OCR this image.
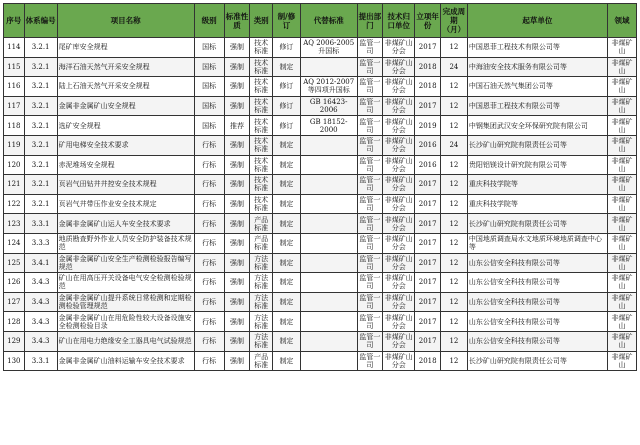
序号	体系编号	项目名称	级别	标准性质	类别	制/修订	代替标准	提出部门	技术归口单位	立项年份	完成周期（月）	起草单位	领域
114	3.2.1	尾矿库安全规程	国标	强制	技术标准	修订	AQ 2006-2005升国标	监管一司	非煤矿山分会	2017	12	中国恩菲工程技术有限公司等	非煤矿山
115	3.2.1	海洋石油天然气开采安全规程	国标	强制	技术标准	制定		监管一司	非煤矿山分会	2018	24	中海油安全技术服务有限公司等	非煤矿山
116	3.2.1	陆上石油天然气开采安全规程	国标	强制	技术标准	修订	AQ 2012-2007等四项升国标	监管一司	非煤矿山分会	2018	12	中国石油天然气集团公司等	非煤矿山
117	3.2.1	金属非金属矿山安全规程	国标	强制	技术标准	修订	GB 16423-2006	监管一司	非煤矿山分会	2017	12	中国恩菲工程技术有限公司等	非煤矿山
118	3.2.1	选矿安全规程	国标	推荐	技术标准	修订	GB 18152-2000	监管一司	非煤矿山分会	2019	12	中钢集团武汉安全环保研究院有限公司	非煤矿山
119	3.2.1	矿用电梯安全技术要求	行标	强制	技术标准	制定		监管一司	非煤矿山分会	2016	24	长沙矿山研究院有限责任公司等	非煤矿山
120	3.2.1	赤泥堆场安全规程	行标	强制	技术标准	制定		监管一司	非煤矿山分会	2016	12	贵阳铝镁设计研究院有限公司等	非煤矿山
121	3.2.1	页岩气田钻井井控安全技术规程	行标	强制	技术标准	制定		监管一司	非煤矿山分会	2017	12	重庆科技学院等	非煤矿山
122	3.2.1	页岩气井带压作业安全技术规定	行标	强制	技术标准	制定		监管一司	非煤矿山分会	2017	12	重庆科技学院等	非煤矿山
123	3.3.1	金属非金属矿山运人车安全技术要求	行标	强制	产品标准	制定		监管一司	非煤矿山分会	2017	12	长沙矿山研究院有限责任公司等	非煤矿山
124	3.3.3	地质勘查野外作业人员安全防护装备技术规范	行标	强制	产品标准	制定		监管一司	非煤矿山分会	2017	12	中国地质调查局水文地质环境地质调查中心等	非煤矿山
125	3.4.1	金属非金属矿山安全生产检测检验报告编写规范	行标	强制	方法标准	制定		监管一司	非煤矿山分会	2017	12	山东公信安全科技有限公司等	非煤矿山
126	3.4.3	矿山在用高压开关设备电气安全检测检验规范	行标	强制	方法标准	制定		监管一司	非煤矿山分会	2017	12	山东公信安全科技有限公司等	非煤矿山
127	3.4.3	金属非金属矿山提升系统日常检测和定期检测检验管理规范	行标	强制	方法标准	制定		监管一司	非煤矿山分会	2017	12	山东公信安全科技有限公司等	非煤矿山
128	3.4.3	金属非金属矿山在用危险性较大设备设施安全检测检验目录	行标	强制	方法标准	制定		监管一司	非煤矿山分会	2017	12	山东公信安全科技有限公司等	非煤矿山
129	3.4.3	矿山在用电力绝缘安全工器具电气试验规范	行标	强制	方法标准	制定		监管一司	非煤矿山分会	2017	12	山东公信安全科技有限公司等	非煤矿山
130	3.3.1	金属非金属矿山油料运输车安全技术要求	行标	强制	产品标准	制定		监管一司	非煤矿山分会	2018	12	长沙矿山研究院有限责任公司等	非煤矿山
